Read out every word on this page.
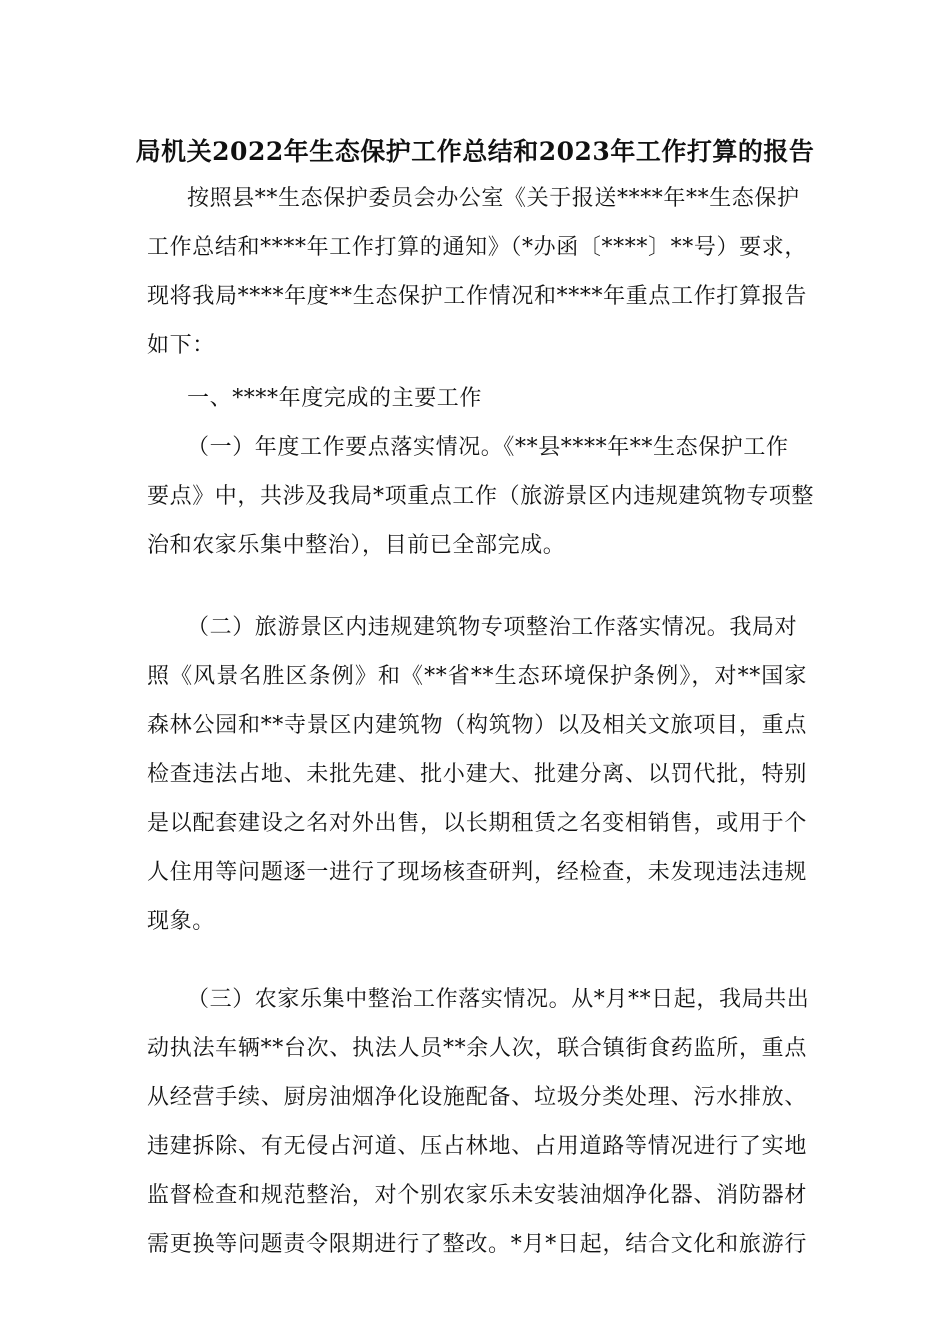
局机关2022年生态保护工作总结和2023年工作打算的报告

按照县**生态保护委员会办公室《关于报送****年**生态保护

工作总结和****年工作打算的通知》（*办函〔****〕**号）要求，

现将我局****年度**生态保护工作情况和****年重点工作打算报告

如下：

一、****年度完成的主要工作

（一）年度工作要点落实情况。《**县****年**生态保护工作

要点》中，共涉及我局*项重点工作（旅游景区内违规建筑物专项整

治和农家乐集中整治），目前已全部完成。

（二）旅游景区内违规建筑物专项整治工作落实情况。我局对

照《风景名胜区条例》和《**省**生态环境保护条例》，对**国家

森林公园和**寺景区内建筑物（构筑物）以及相关文旅项目，重点

检查违法占地、未批先建、批小建大、批建分离、以罚代批，特别

是以配套建设之名对外出售，以长期租赁之名变相销售，或用于个

人住用等问题逐一进行了现场核查研判，经检查，未发现违法违规

现象。

（三）农家乐集中整治工作落实情况。从*月**日起，我局共出

动执法车辆**台次、执法人员**余人次，联合镇街食药监所，重点

从经营手续、厨房油烟净化设施配备、垃圾分类处理、污水排放、

违建拆除、有无侵占河道、压占林地、占用道路等情况进行了实地

监督检查和规范整治，对个别农家乐未安装油烟净化器、消防器材

需更换等问题责令限期进行了整改。*月*日起，结合文化和旅游行
